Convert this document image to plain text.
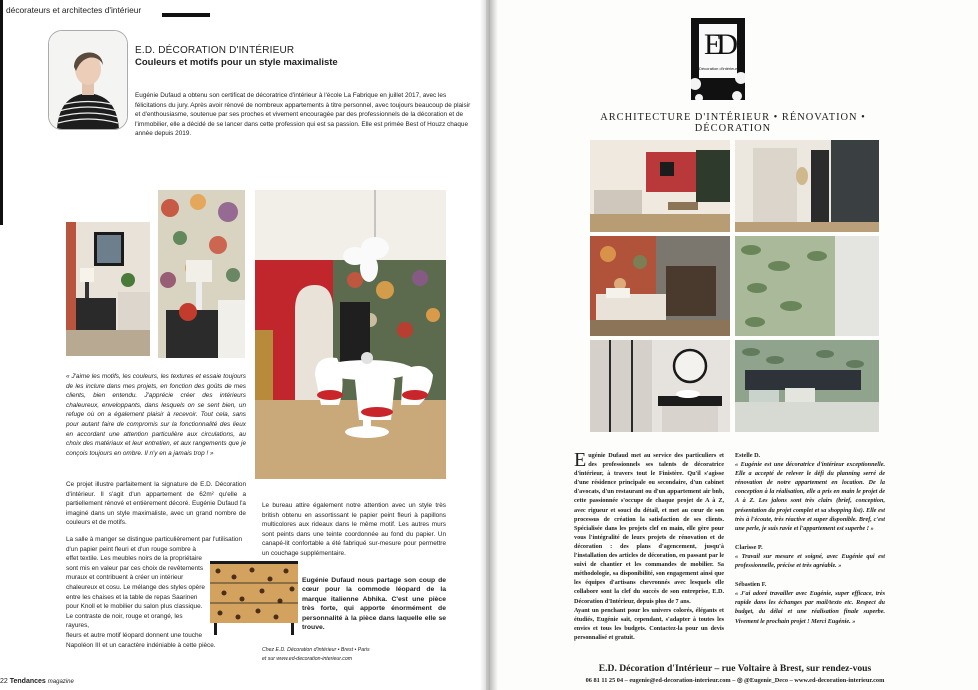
décorateurs et architectes d'intérieur
E.D. DÉCORATION D'INTÉRIEUR
Couleurs et motifs pour un style maximaliste

Eugénie Dufaud a obtenu son certificat de décoratrice d'intérieur à l'école La Fabrique en juillet 2017, avec les félicitations du jury. Après avoir rénové de nombreux appartements à titre personnel, avec toujours beaucoup de plaisir et d'enthousiasme, soutenue par ses proches et vivement encouragée par des professionnels de la décoration et de l'immobilier, elle a décidé de se lancer dans cette profession qui est sa passion. Elle est primée Best of Houzz chaque année depuis 2019.

« J'aime les motifs, les couleurs, les textures et essaie toujours de les inclure dans mes projets, en fonction des goûts de mes clients, bien entendu. J'apprécie créer des intérieurs chaleureux, enveloppants, dans lesquels on se sent bien, un refuge où on a également plaisir à recevoir. Tout cela, sans pour autant faire de compromis sur la fonctionnalité des lieux en accordant une attention particulière aux circulations, au choix des matériaux et leur entretien, et aux rangements que je conçois toujours en ombre. Il n'y en a jamais trop ! »

Ce projet illustre parfaitement la signature de E.D. Décoration d'intérieur. Il s'agit d'un appartement de 62m² qu'elle a partiellement rénové et entièrement décoré. Eugénie Dufaud l'a imaginé dans un style maximaliste, avec un grand nombre de couleurs et de motifs.

La salle à manger se distingue particulièrement par l'utilisation
d'un papier peint fleuri et d'un rouge sombre à
effet textile. Les meubles noirs de la propriétaire
sont mis en valeur par ces choix de revêtements
muraux et contribuent à créer un intérieur
chaleureux et cosu. Le mélange des styles opère
entre les chaises et la table de repas Saarinen
pour Knoll et le mobilier du salon plus classique.
Le contraste de noir, rouge et orangé, les rayures,
fleurs et autre motif léopard donnent une touche
Napoléon III et un caractère indéniable à cette pièce.

Le bureau attire également notre attention avec un style très british obtenu en assortissant le papier peint fleuri à papillons multicolores aux rideaux dans le même motif. Les autres murs sont peints dans une teinte coordonnée au fond du papier. Un canapé-lit confortable a été fabriqué sur-mesure pour permettre un couchage supplémentaire.

Eugénie Dufaud nous partage son coup de cœur pour la commode léopard de la marque italienne Abhika. C'est une pièce très forte, qui apporte énormément de personnalité à la pièce dans laquelle elle se trouve.

Chez E.D. Décoration d'intérieur • Brest • Paris
et sur www.ed-decoration-interieur.com
22 Tendances magazine
ED
Décoration d'intérieur
ARCHITECTURE D'INTÉRIEUR • RÉNOVATION • DÉCORATION
E ugénie Dufaud met au service des particuliers et des professionnels ses talents de décoratrice d'intérieur, à travers tout le Finistère. Qu'il s'agisse d'une résidence principale ou secondaire, d'un cabinet d'avocats, d'un restaurant ou d'un appartement air bnb, cette passionnée s'occupe de chaque projet de A à Z, avec rigueur et souci du détail, et met au cœur de son processus de création la satisfaction de ses clients. Spécialisée dans les projets clef en main, elle gère pour vous l'intégralité de leurs projets de rénovation et de décoration : des plans d'agencement, jusqu'à l'installation des articles de décoration, en passant par le suivi de chantier et les commandes de mobilier. Sa méthodologie, sa disponibilité, son engagement ainsi que les équipes d'artisans chevronnés avec lesquels elle collabore sont la clef du succès de son entreprise, E.D. Décoration d'Intérieur, depuis plus de 7 ans.
Ayant un penchant pour les univers colorés, élégants et étudiés, Eugénie sait, cependant, s'adapter à toutes les envies et tous les budgets. Contactez-la pour un devis personnalisé et gratuit.
Estelle D.
« Eugénie est une décoratrice d'intérieur exceptionnelle. Elle a accepté de relever le défi du planning serré de rénovation de notre appartement en location. De la conception à la réalisation, elle a pris en main le projet de A à Z. Les jalons sont très clairs (brief, conception, présentation du projet complet et sa shopping list). Elle est très à l'écoute, très réactive et super disponible. Bref, c'est une perle, je suis ravie et l'appartement est superbe ! »
Clarisse P.
« Travail sur mesure et soigné, avec Eugénie qui est professionnelle, précise et très agréable. »
Sébastien F.
« J'ai adoré travailler avec Eugénie, super efficace, très rapide dans les échanges par mail/texto etc. Respect du budget, du délai et une réalisation finale superbe. Vivement le prochain projet ! Merci Eugénie. »
E.D. Décoration d'Intérieur – rue Voltaire à Brest, sur rendez-vous
06 81 11 25 04 – eugenie@ed-decoration-interieur.com – ◎ @Eugenie_Deco – www.ed-decoration-interieur.com
